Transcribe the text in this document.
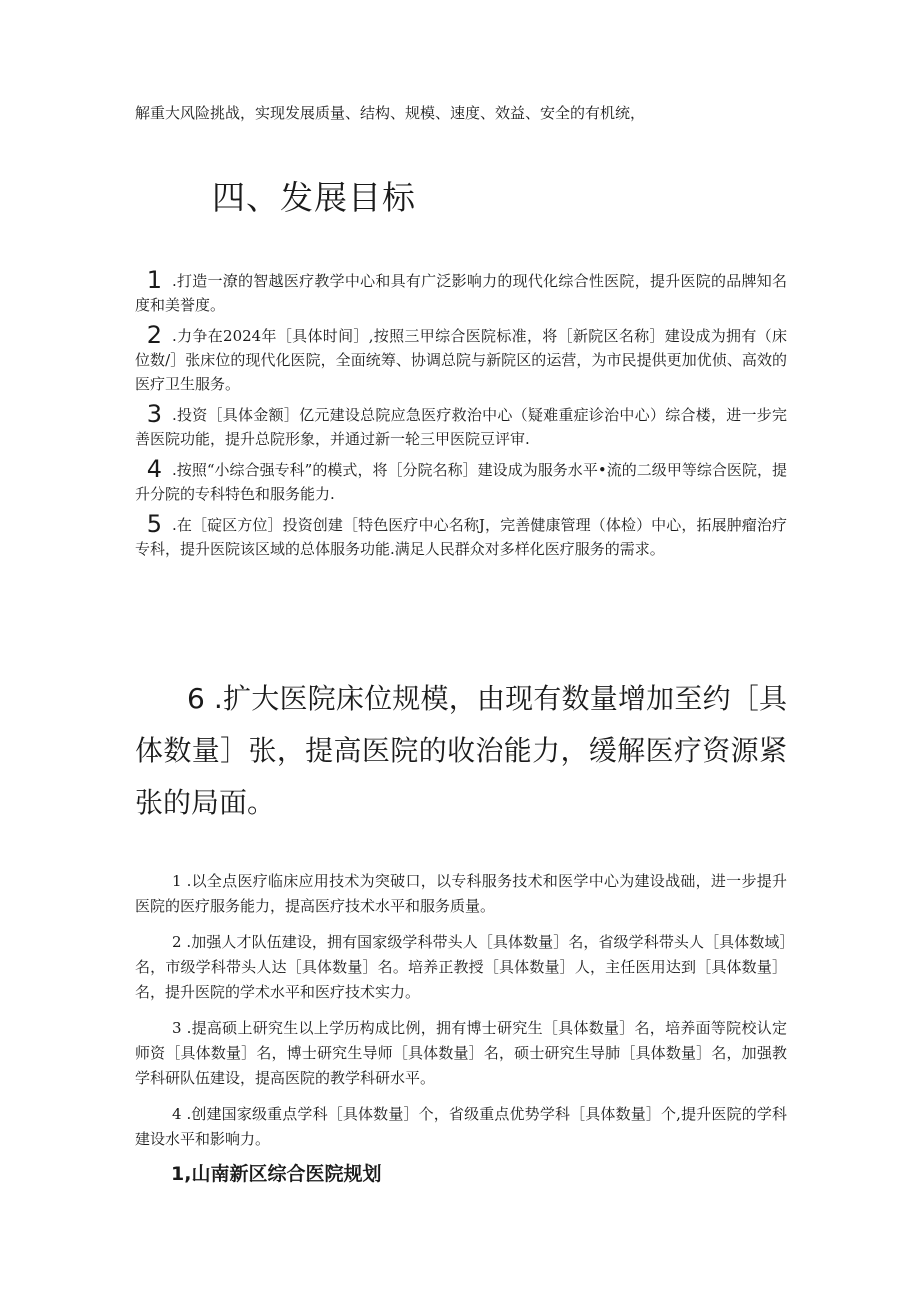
解重大风险挑战，实现发展质量、结构、规模、速度、效益、安全的有机统，
四、发展目标
1 .打造一潦的智越医疗教学中心和具有广泛影响力的现代化综合性医院，提升医院的品牌知名度和美誉度。
2 .力争在2024年［具体时间］,按照三甲综合医院标准，将［新院区名称］建设成为拥有（床位数/］张床位的现代化医院，全面统筹、协调总院与新院区的运营，为市民提供更加优侦、高效的医疗卫生服务。
3 .投资［具体金额］亿元建设总院应急医疗救治中心（疑难重症诊治中心）综合楼，进一步完善医院功能，提升总院形象，并通过新一轮三甲医院豆评审.
4 .按照“小综合强专科”的模式，将［分院名称］建设成为服务水平•流的二级甲等综合医院，提升分院的专科特色和服务能力.
5 .在［碇区方位］投资创建［特色医疗中心名称J，完善健康管理（体检）中心，拓展肿瘤治疗专科，提升医院该区域的总体服务功能.满足人民群众对多样化医疗服务的需求。

6 .扩大医院床位规模，由现有数量增加至约［具体数量］张，提高医院的收治能力，缓解医疗资源紧张的局面。

1 .以全点医疗临床应用技术为突破口，以专科服务技术和医学中心为建设战础，进一步提升医院的医疗服务能力，提高医疗技术水平和服务质量。
2 .加强人才队伍建设，拥有国家级学科带头人［具体数量］名，省级学科带头人［具体数域］名，市级学科带头人达［具体数量］名。培养正教授［具体数量］人，主任医用达到［具体数量］名，提升医院的学术水平和医疗技术实力。
3 .提高硕上研究生以上学历构成比例，拥有博士研究生［具体数量］名，培养面等院校认定师资［具体数量］名，博士研究生导师［具体数量］名，硕士研究生导肺［具体数量］名，加强教学科研队伍建设，提高医院的教学科研水平。
4 .创建国家级重点学科［具体数量］个，省级重点优势学科［具体数量］个,提升医院的学科建设水平和影响力。
1,山南新区综合医院规划
